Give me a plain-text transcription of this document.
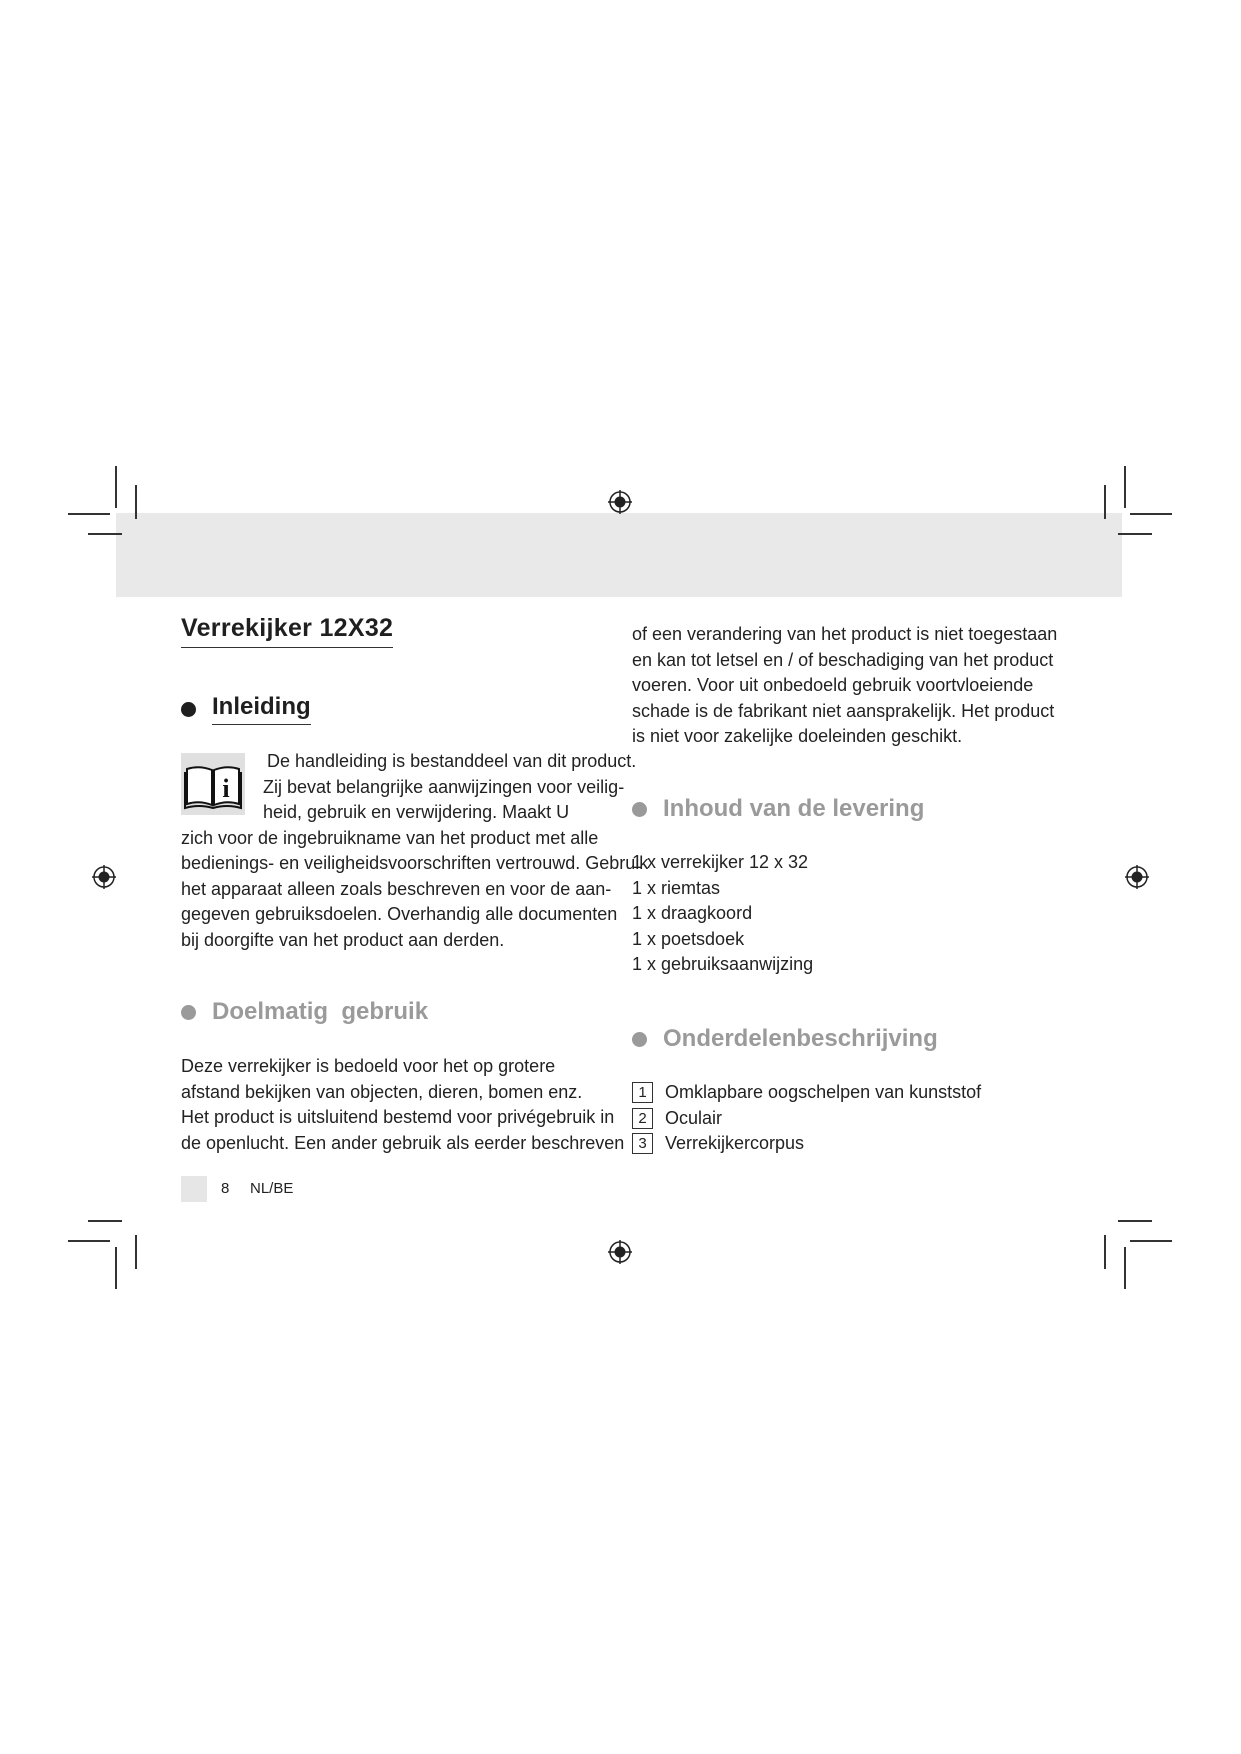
Verrekijker 12X32
Inleiding
i
De handleiding is bestanddeel van dit product.
Zij bevat belangrijke aanwijzingen voor veilig-
heid, gebruik en verwijdering. Maakt U
zich voor de ingebruikname van het product met alle
bedienings- en veiligheidsvoorschriften vertrouwd. Gebruik
het apparaat alleen zoals beschreven en voor de aan-
gegeven gebruiksdoelen. Overhandig alle documenten
bij doorgifte van het product aan derden.
Doelmatig  gebruik
Deze verrekijker is bedoeld voor het op grotere
afstand bekijken van objecten, dieren, bomen enz.
Het product is uitsluitend bestemd voor privégebruik in
de openlucht. Een ander gebruik als eerder beschreven
8 NL/BE
of een verandering van het product is niet toegestaan
en kan tot letsel en / of beschadiging van het product
voeren. Voor uit onbedoeld gebruik voortvloeiende
schade is de fabrikant niet aansprakelijk. Het product
is niet voor zakelijke doeleinden geschikt.
Inhoud van de levering
1 x verrekijker 12 x 32
1 x riemtas
1 x draagkoord
1 x poetsdoek
1 x gebruiksaanwijzing
Onderdelenbeschrijving
1	Omklapbare oogschelpen van kunststof
2	Oculair
3	Verrekijkercorpus
